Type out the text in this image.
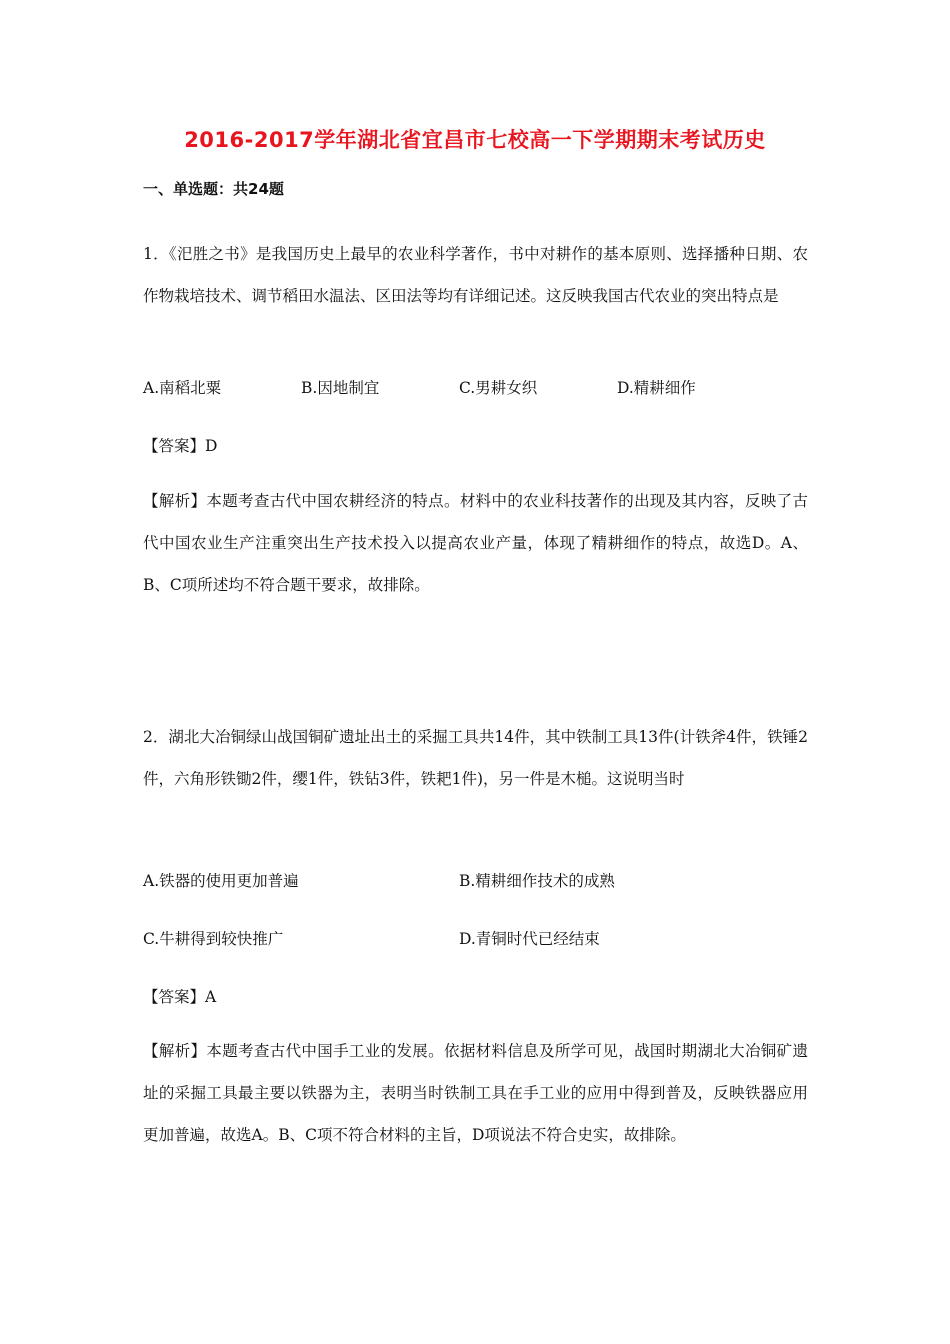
2016-2017学年湖北省宜昌市七校高一下学期期末考试历史
一、单选题：共24题
1．《汜胜之书》是我国历史上最早的农业科学著作，书中对耕作的基本原则、选择播种日期、农作物栽培技术、调节稻田水温法、区田法等均有详细记述。这反映我国古代农业的突出特点是
A.南稻北粟	B.因地制宜	C.男耕女织	D.精耕细作
【答案】D
【解析】本题考查古代中国农耕经济的特点。材料中的农业科技著作的出现及其内容，反映了古代中国农业生产注重突出生产技术投入以提高农业产量，体现了精耕细作的特点，故选D。A、B、C项所述均不符合题干要求，故排除。
2．湖北大冶铜绿山战国铜矿遗址出土的采掘工具共14件，其中铁制工具13件(计铁斧4件，铁锤2件，六角形铁锄2件，缨1件，铁钻3件，铁耙1件)，另一件是木槌。这说明当时
A.铁器的使用更加普遍	B.精耕细作技术的成熟
C.牛耕得到较快推广	D.青铜时代已经结束
【答案】A
【解析】本题考查古代中国手工业的发展。依据材料信息及所学可见，战国时期湖北大冶铜矿遗址的采掘工具最主要以铁器为主，表明当时铁制工具在手工业的应用中得到普及，反映铁器应用更加普遍，故选A。B、C项不符合材料的主旨，D项说法不符合史实，故排除。
